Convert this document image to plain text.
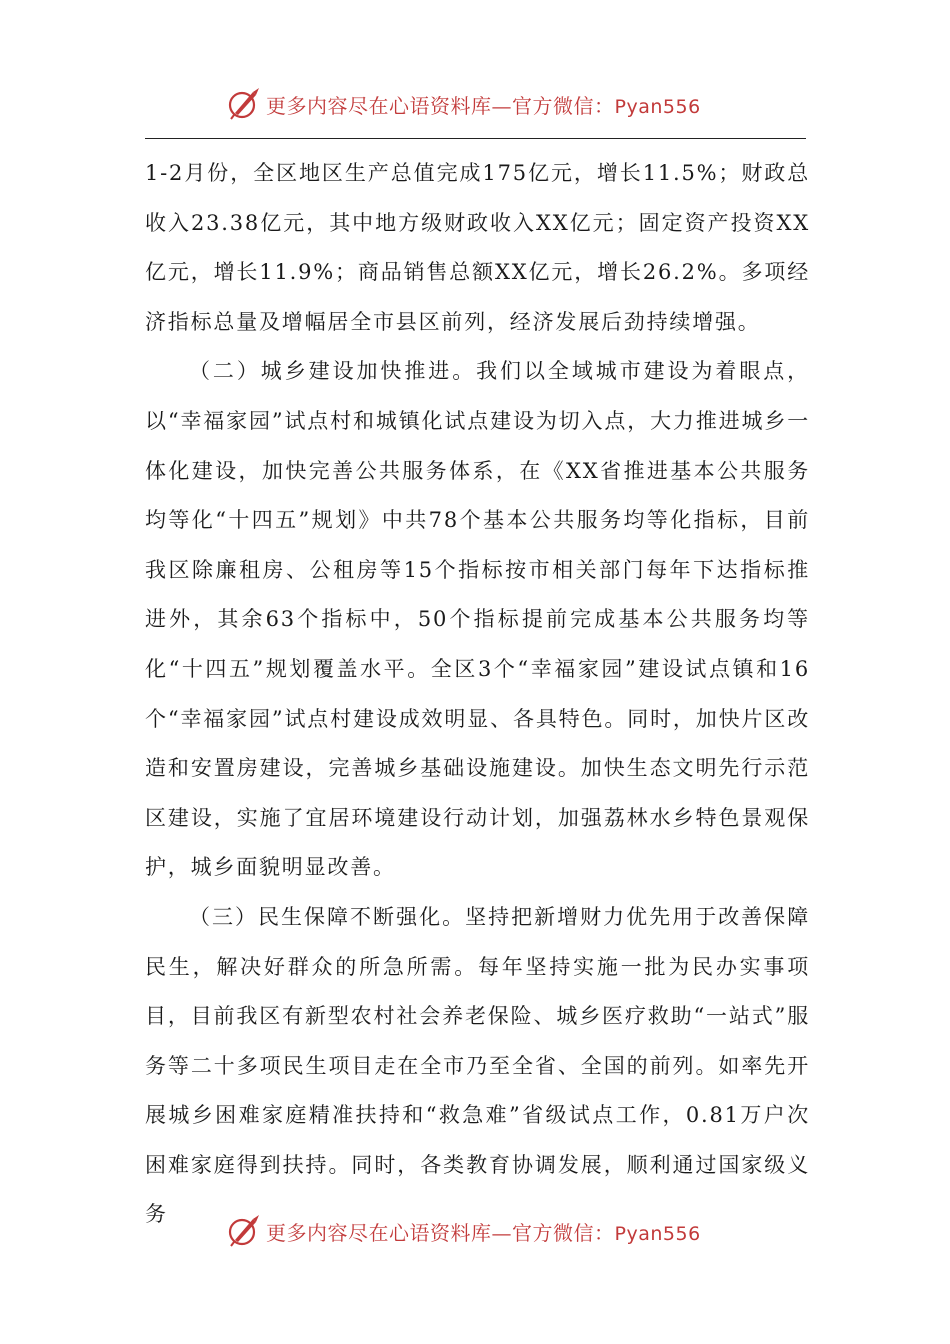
更多内容尽在心语资料库—官方微信：Pyan556

1-2月份，全区地区生产总值完成175亿元，增长11.5%；财政总收入23.38亿元，其中地方级财政收入XX亿元；固定资产投资XX亿元，增长11.9%；商品销售总额XX亿元，增长26.2%。多项经济指标总量及增幅居全市县区前列，经济发展后劲持续增强。

（二）城乡建设加快推进。我们以全域城市建设为着眼点，以“幸福家园”试点村和城镇化试点建设为切入点，大力推进城乡一体化建设，加快完善公共服务体系，在《XX省推进基本公共服务均等化“十四五”规划》中共78个基本公共服务均等化指标，目前我区除廉租房、公租房等15个指标按市相关部门每年下达指标推进外，其余63个指标中，50个指标提前完成基本公共服务均等化“十四五”规划覆盖水平。全区3个“幸福家园”建设试点镇和16个“幸福家园”试点村建设成效明显、各具特色。同时，加快片区改造和安置房建设，完善城乡基础设施建设。加快生态文明先行示范区建设，实施了宜居环境建设行动计划，加强荔林水乡特色景观保护，城乡面貌明显改善。

（三）民生保障不断强化。坚持把新增财力优先用于改善保障民生，解决好群众的所急所需。每年坚持实施一批为民办实事项目，目前我区有新型农村社会养老保险、城乡医疗救助“一站式”服务等二十多项民生项目走在全市乃至全省、全国的前列。如率先开展城乡困难家庭精准扶持和“救急难”省级试点工作，0.81万户次困难家庭得到扶持。同时，各类教育协调发展，顺利通过国家级义务

更多内容尽在心语资料库—官方微信：Pyan556
